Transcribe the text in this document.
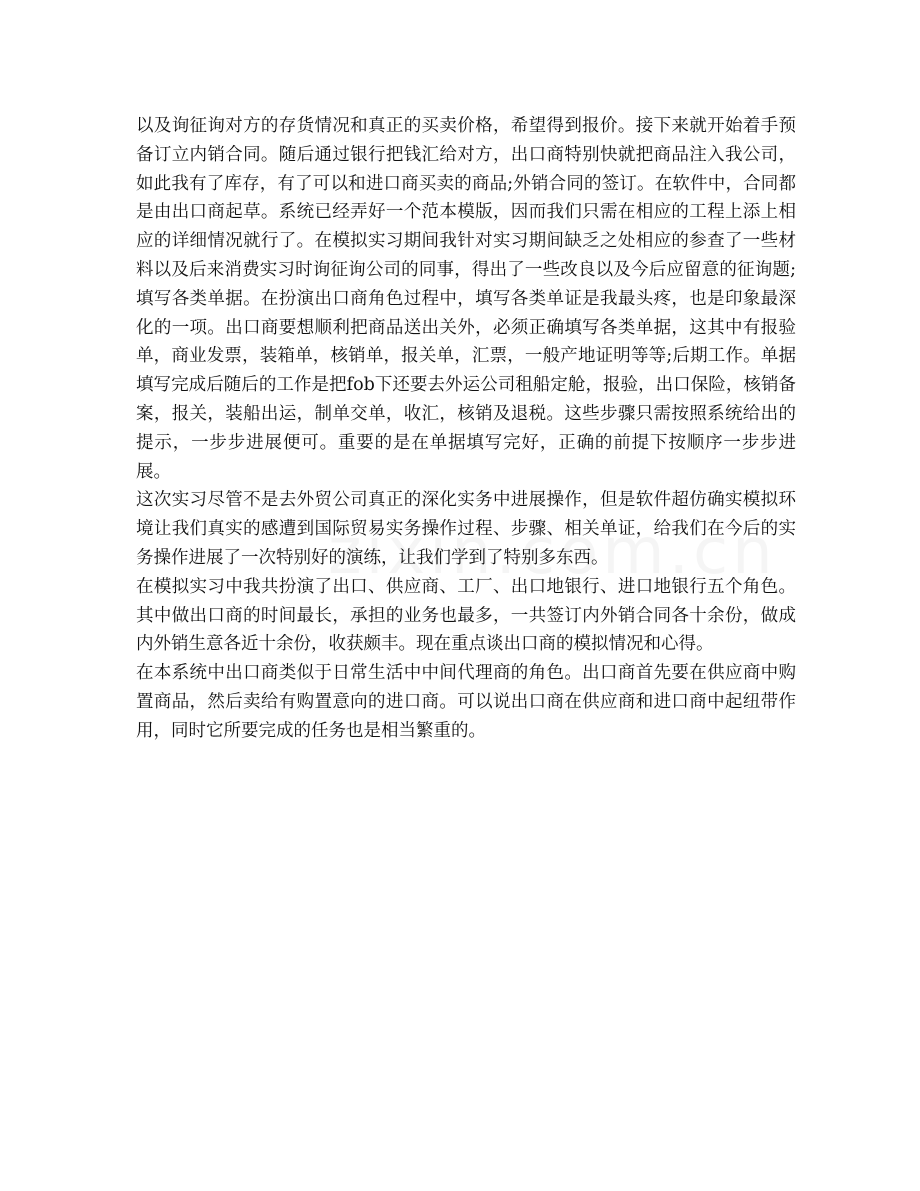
以及询征询对方的存货情况和真正的买卖价格，希望得到报价。接下来就开始着手预备订立内销合同。随后通过银行把钱汇给对方，出口商特别快就把商品注入我公司，如此我有了库存，有了可以和进口商买卖的商品;外销合同的签订。在软件中，合同都是由出口商起草。系统已经弄好一个范本模版，因而我们只需在相应的工程上添上相应的详细情况就行了。在模拟实习期间我针对实习期间缺乏之处相应的参查了一些材料以及后来消费实习时询征询公司的同事，得出了一些改良以及今后应留意的征询题;填写各类单据。在扮演出口商角色过程中，填写各类单证是我最头疼，也是印象最深化的一项。出口商要想顺利把商品送出关外，必须正确填写各类单据，这其中有报验单，商业发票，装箱单，核销单，报关单，汇票，一般产地证明等等;后期工作。单据填写完成后随后的工作是把fob下还要去外运公司租船定舱，报验，出口保险，核销备案，报关，装船出运，制单交单，收汇，核销及退税。这些步骤只需按照系统给出的提示，一步步进展便可。重要的是在单据填写完好，正确的前提下按顺序一步步进展。

这次实习尽管不是去外贸公司真正的深化实务中进展操作，但是软件超仿确实模拟环境让我们真实的感遭到国际贸易实务操作过程、步骤、相关单证，给我们在今后的实务操作进展了一次特别好的演练，让我们学到了特别多东西。

在模拟实习中我共扮演了出口、供应商、工厂、出口地银行、进口地银行五个角色。其中做出口商的时间最长，承担的业务也最多，一共签订内外销合同各十余份，做成内外销生意各近十余份，收获颇丰。现在重点谈出口商的模拟情况和心得。

在本系统中出口商类似于日常生活中中间代理商的角色。出口商首先要在供应商中购置商品，然后卖给有购置意向的进口商。可以说出口商在供应商和进口商中起纽带作用，同时它所要完成的任务也是相当繁重的。
